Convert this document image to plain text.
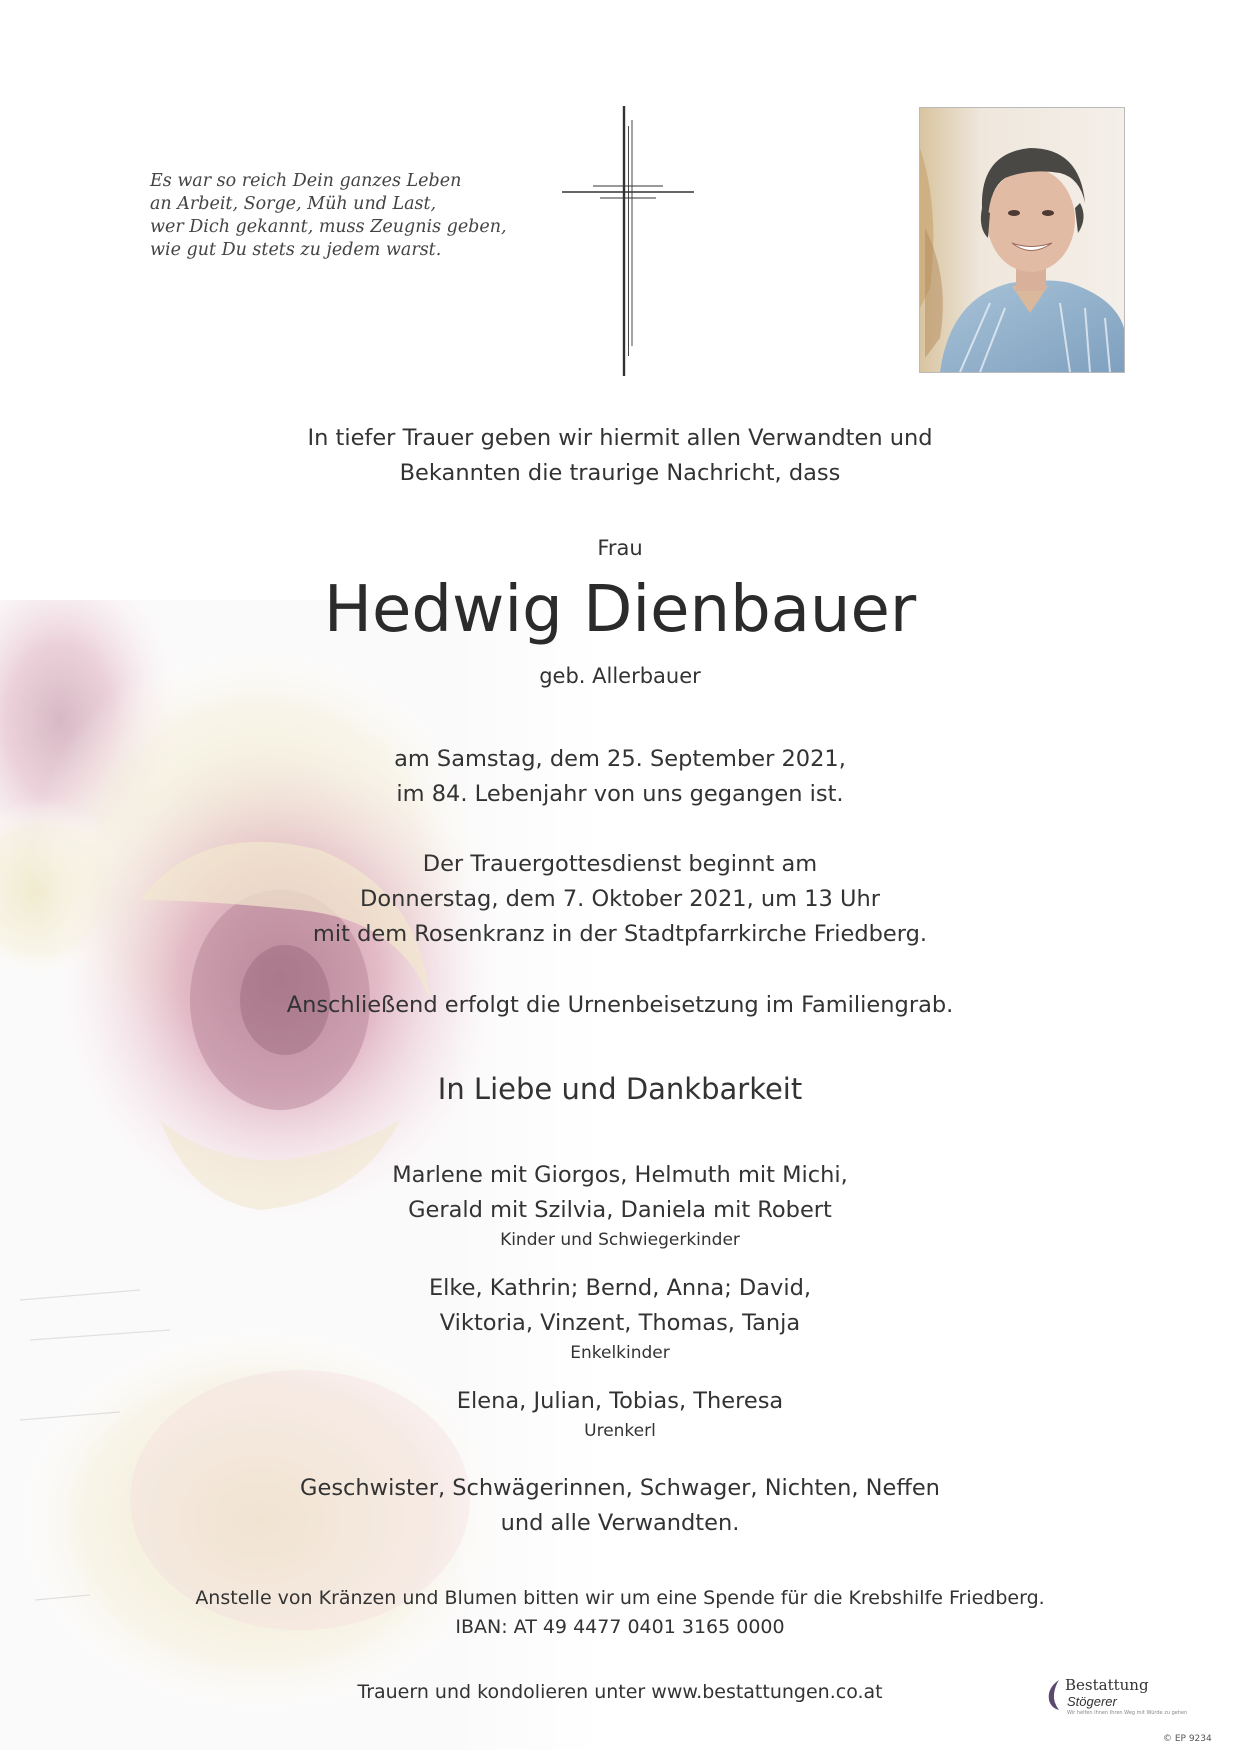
Es war so reich Dein ganzes Leben
an Arbeit, Sorge, Müh und Last,
wer Dich gekannt, muss Zeugnis geben,
wie gut Du stets zu jedem warst.
In tiefer Trauer geben wir hiermit allen Verwandten und
Bekannten die traurige Nachricht, dass
Frau
Hedwig Dienbauer
geb. Allerbauer
am Samstag, dem 25. September 2021,
im 84. Lebenjahr von uns gegangen ist.
Der Trauergottesdienst beginnt am
Donnerstag, dem 7. Oktober 2021, um 13 Uhr
mit dem Rosenkranz in der Stadtpfarrkirche Friedberg.
Anschließend erfolgt die Urnenbeisetzung im Familiengrab.
In Liebe und Dankbarkeit
Marlene mit Giorgos, Helmuth mit Michi,
Gerald mit Szilvia, Daniela mit Robert
Kinder und Schwiegerkinder
Elke, Kathrin; Bernd, Anna; David,
Viktoria, Vinzent, Thomas, Tanja
Enkelkinder
Elena, Julian, Tobias, Theresa
Urenkerl
Geschwister, Schwägerinnen, Schwager, Nichten, Neffen
und alle Verwandten.
Anstelle von Kränzen und Blumen bitten wir um eine Spende für die Krebshilfe Friedberg.
IBAN: AT 49 4477 0401 3165 0000
Trauern und kondolieren unter www.bestattungen.co.at	Bestattung
Stögerer
Wir helfen Ihnen Ihren Weg mit Würde zu gehen
© EP 9234
